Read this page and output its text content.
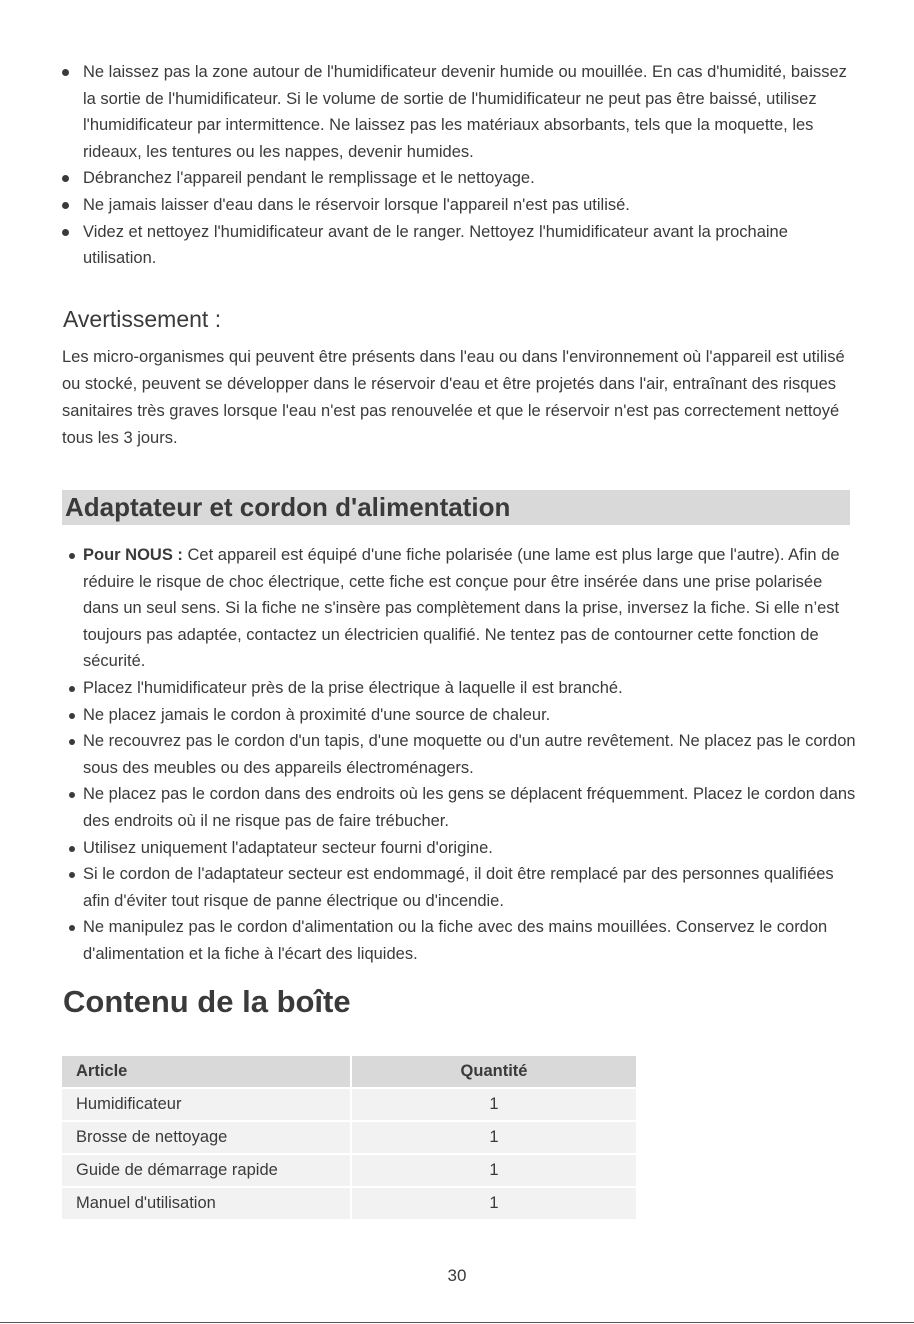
Ne laissez pas la zone autour de l'humidificateur devenir humide ou mouillée. En cas d'humidité, baissez la sortie de l'humidificateur. Si le volume de sortie de l'humidificateur ne peut pas être baissé, utilisez l'humidificateur par intermittence. Ne laissez pas les matériaux absorbants, tels que la moquette, les rideaux, les tentures ou les nappes, devenir humides.
Débranchez l'appareil pendant le remplissage et le nettoyage.
Ne jamais laisser d'eau dans le réservoir lorsque l'appareil n'est pas utilisé.
Videz et nettoyez l'humidificateur avant de le ranger. Nettoyez l'humidificateur avant la prochaine utilisation.
Avertissement :

Les micro-organismes qui peuvent être présents dans l'eau ou dans l'environnement où l'appareil est utilisé ou stocké, peuvent se développer dans le réservoir d'eau et être projetés dans l'air, entraînant des risques sanitaires très graves lorsque l'eau n'est pas renouvelée et que le réservoir n'est pas correctement nettoyé tous les 3 jours.

Adaptateur et cordon d'alimentation
Pour NOUS : Cet appareil est équipé d'une fiche polarisée (une lame est plus large que l'autre). Afin de réduire le risque de choc électrique, cette fiche est conçue pour être insérée dans une prise polarisée dans un seul sens. Si la fiche ne s'insère pas complètement dans la prise, inversez la fiche. Si elle n’est toujours pas adaptée, contactez un électricien qualifié. Ne tentez pas de contourner cette fonction de sécurité.
Placez l'humidificateur près de la prise électrique à laquelle il est branché.
Ne placez jamais le cordon à proximité d'une source de chaleur.
Ne recouvrez pas le cordon d'un tapis, d'une moquette ou d'un autre revêtement. Ne placez pas le cordon sous des meubles ou des appareils électroménagers.
Ne placez pas le cordon dans des endroits où les gens se déplacent fréquemment. Placez le cordon dans des endroits où il ne risque pas de faire trébucher.
Utilisez uniquement l'adaptateur secteur fourni d'origine.
Si le cordon de l'adaptateur secteur est endommagé, il doit être remplacé par des personnes qualifiées afin d'éviter tout risque de panne électrique ou d'incendie.
Ne manipulez pas le cordon d'alimentation ou la fiche avec des mains mouillées. Conservez le cordon d'alimentation et la fiche à l'écart des liquides.
Contenu de la boîte
Article	Quantité
Humidificateur	1
Brosse de nettoyage	1
Guide de démarrage rapide	1
Manuel d'utilisation	1
30
